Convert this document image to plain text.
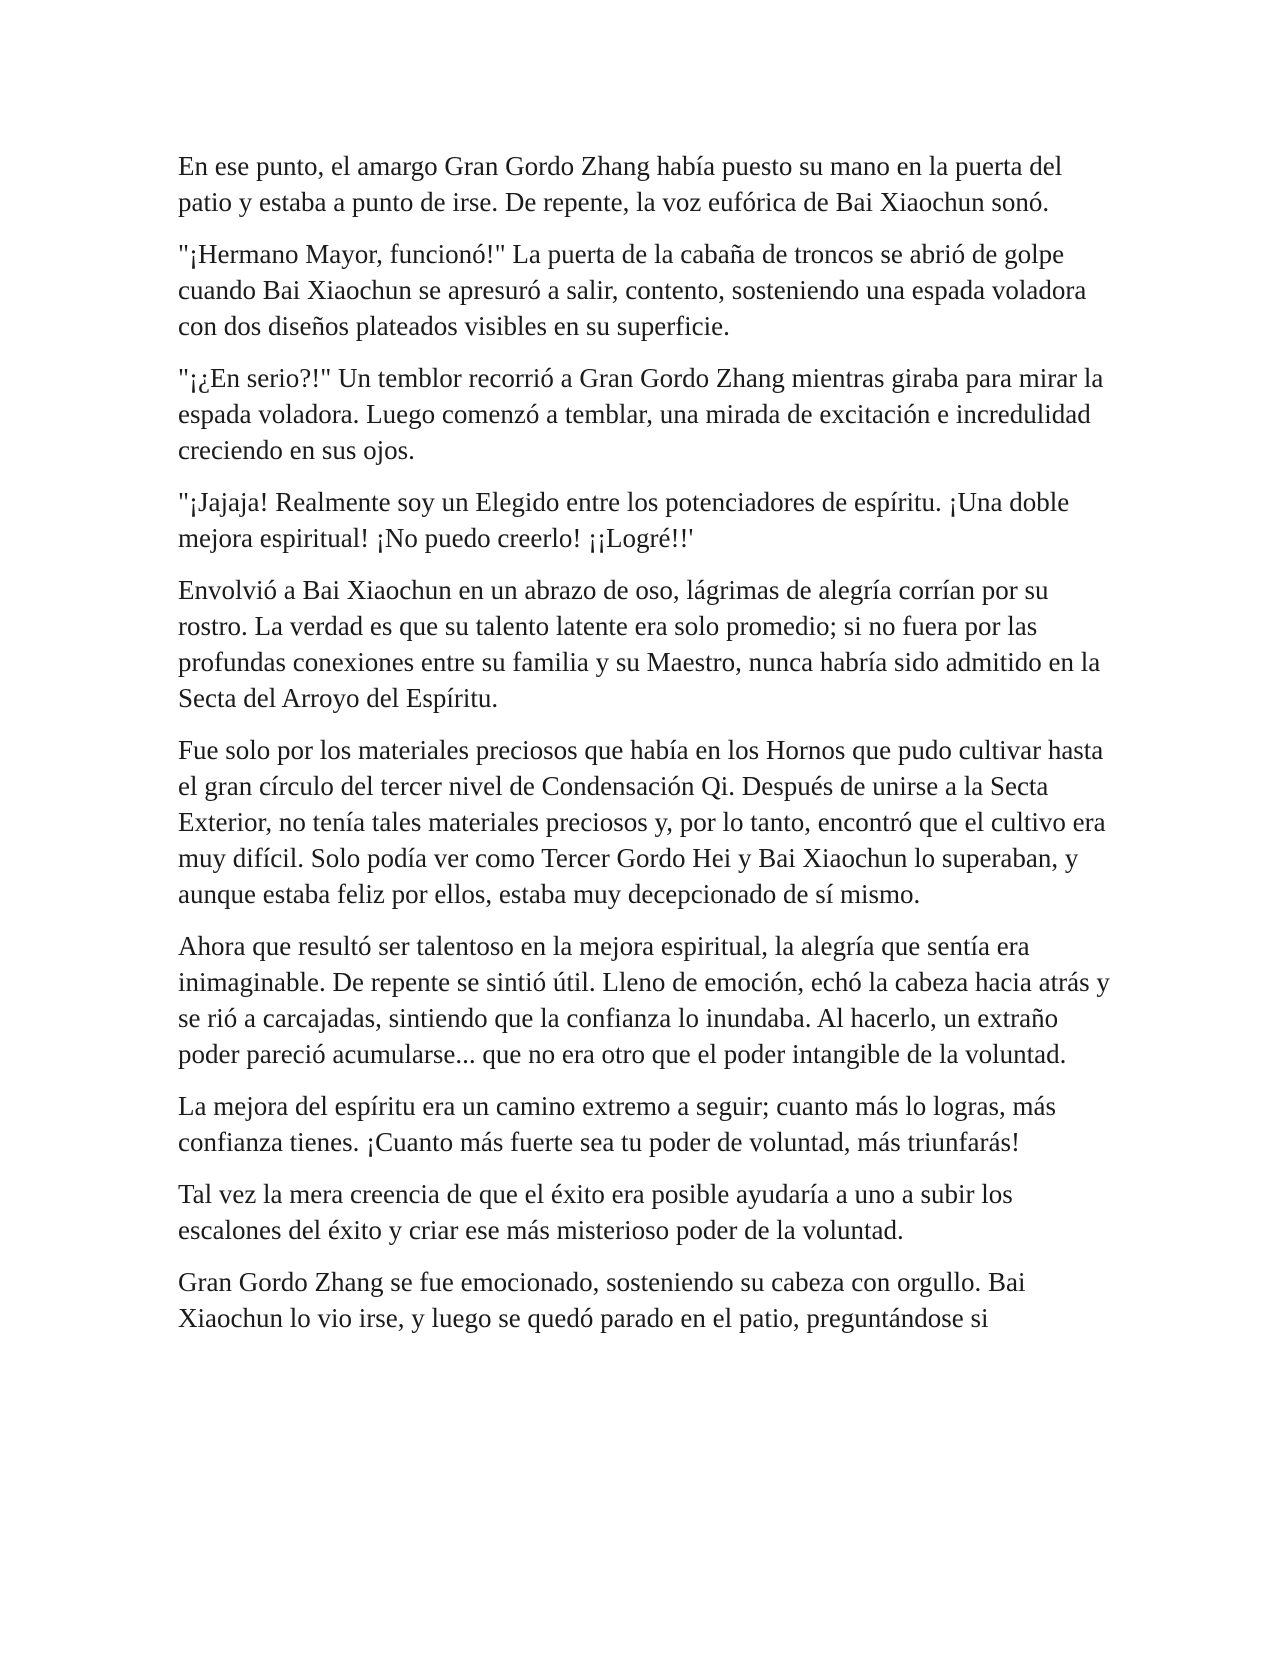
En ese punto, el amargo Gran Gordo Zhang había puesto su mano en la puerta del patio y estaba a punto de irse. De repente, la voz eufórica de Bai Xiaochun sonó.

"¡Hermano Mayor, funcionó!" La puerta de la cabaña de troncos se abrió de golpe cuando Bai Xiaochun se apresuró a salir, contento, sosteniendo una espada voladora con dos diseños plateados visibles en su superficie.

"¡¿En serio?!" Un temblor recorrió a Gran Gordo Zhang mientras giraba para mirar la espada voladora. Luego comenzó a temblar, una mirada de excitación e incredulidad creciendo en sus ojos.

"¡Jajaja! Realmente soy un Elegido entre los potenciadores de espíritu. ¡Una doble mejora espiritual! ¡No puedo creerlo! ¡¡Logré!!'

Envolvió a Bai Xiaochun en un abrazo de oso, lágrimas de alegría corrían por su rostro. La verdad es que su talento latente era solo promedio; si no fuera por las profundas conexiones entre su familia y su Maestro, nunca habría sido admitido en la Secta del Arroyo del Espíritu.

Fue solo por los materiales preciosos que había en los Hornos que pudo cultivar hasta el gran círculo del tercer nivel de Condensación Qi. Después de unirse a la Secta Exterior, no tenía tales materiales preciosos y, por lo tanto, encontró que el cultivo era muy difícil. Solo podía ver como Tercer Gordo Hei y Bai Xiaochun lo superaban, y aunque estaba feliz por ellos, estaba muy decepcionado de sí mismo.

Ahora que resultó ser talentoso en la mejora espiritual, la alegría que sentía era inimaginable. De repente se sintió útil. Lleno de emoción, echó la cabeza hacia atrás y se rió a carcajadas, sintiendo que la confianza lo inundaba. Al hacerlo, un extraño poder pareció acumularse... que no era otro que el poder intangible de la voluntad.

La mejora del espíritu era un camino extremo a seguir; cuanto más lo logras, más confianza tienes. ¡Cuanto más fuerte sea tu poder de voluntad, más triunfarás!

Tal vez la mera creencia de que el éxito era posible ayudaría a uno a subir los escalones del éxito y criar ese más misterioso poder de la voluntad.

Gran Gordo Zhang se fue emocionado, sosteniendo su cabeza con orgullo. Bai Xiaochun lo vio irse, y luego se quedó parado en el patio, preguntándose si
